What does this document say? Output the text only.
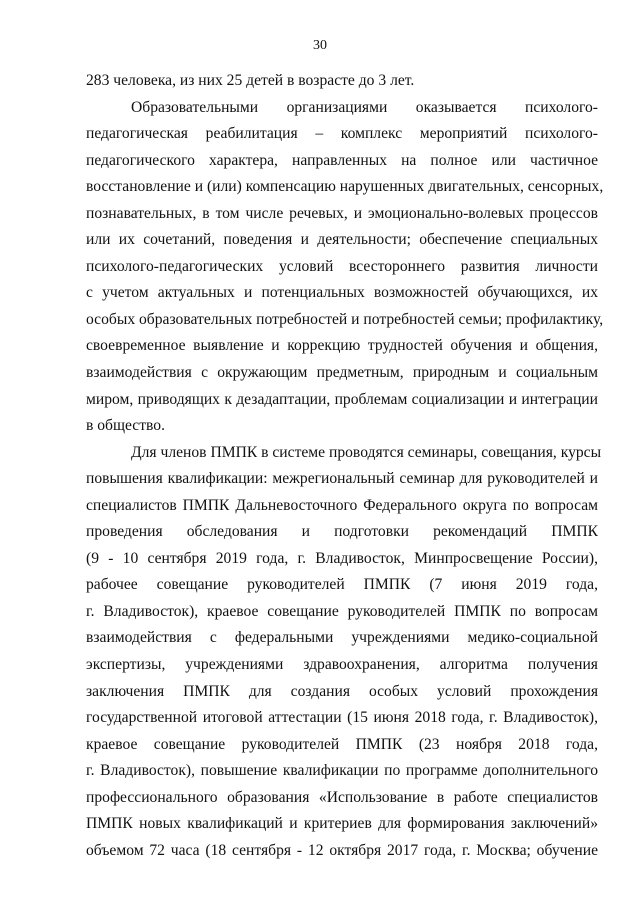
30
283 человека, из них 25 детей в возрасте до 3 лет.
Образовательными организациями оказывается психолого-
педагогическая реабилитация – комплекс мероприятий психолого-
педагогического характера, направленных на полное или частичное
восстановление и (или) компенсацию нарушенных двигательных, сенсорных,
познавательных, в том числе речевых, и эмоционально-волевых процессов
или их сочетаний, поведения и деятельности; обеспечение специальных
психолого-педагогических условий всестороннего развития личности
с учетом актуальных и потенциальных возможностей обучающихся, их
особых образовательных потребностей и потребностей семьи; профилактику,
своевременное выявление и коррекцию трудностей обучения и общения,
взаимодействия с окружающим предметным, природным и социальным
миром, приводящих к дезадаптации, проблемам социализации и интеграции
в общество.
Для членов ПМПК в системе проводятся семинары, совещания, курсы
повышения квалификации: межрегиональный семинар для руководителей и
специалистов ПМПК Дальневосточного Федерального округа по вопросам
проведения обследования и подготовки рекомендаций ПМПК
(9 - 10 сентября 2019 года, г. Владивосток, Минпросвещение России),
рабочее совещание руководителей ПМПК (7 июня 2019 года,
г. Владивосток), краевое совещание руководителей ПМПК по вопросам
взаимодействия с федеральными учреждениями медико-социальной
экспертизы, учреждениями здравоохранения, алгоритма получения
заключения ПМПК для создания особых условий прохождения
государственной итоговой аттестации (15 июня 2018 года, г. Владивосток),
краевое совещание руководителей ПМПК (23 ноября 2018 года,
г. Владивосток), повышение квалификации по программе дополнительного
профессионального образования «Использование в работе специалистов
ПМПК новых квалификаций и критериев для формирования заключений»
объемом 72 часа (18 сентября - 12 октября 2017 года, г. Москва; обучение
